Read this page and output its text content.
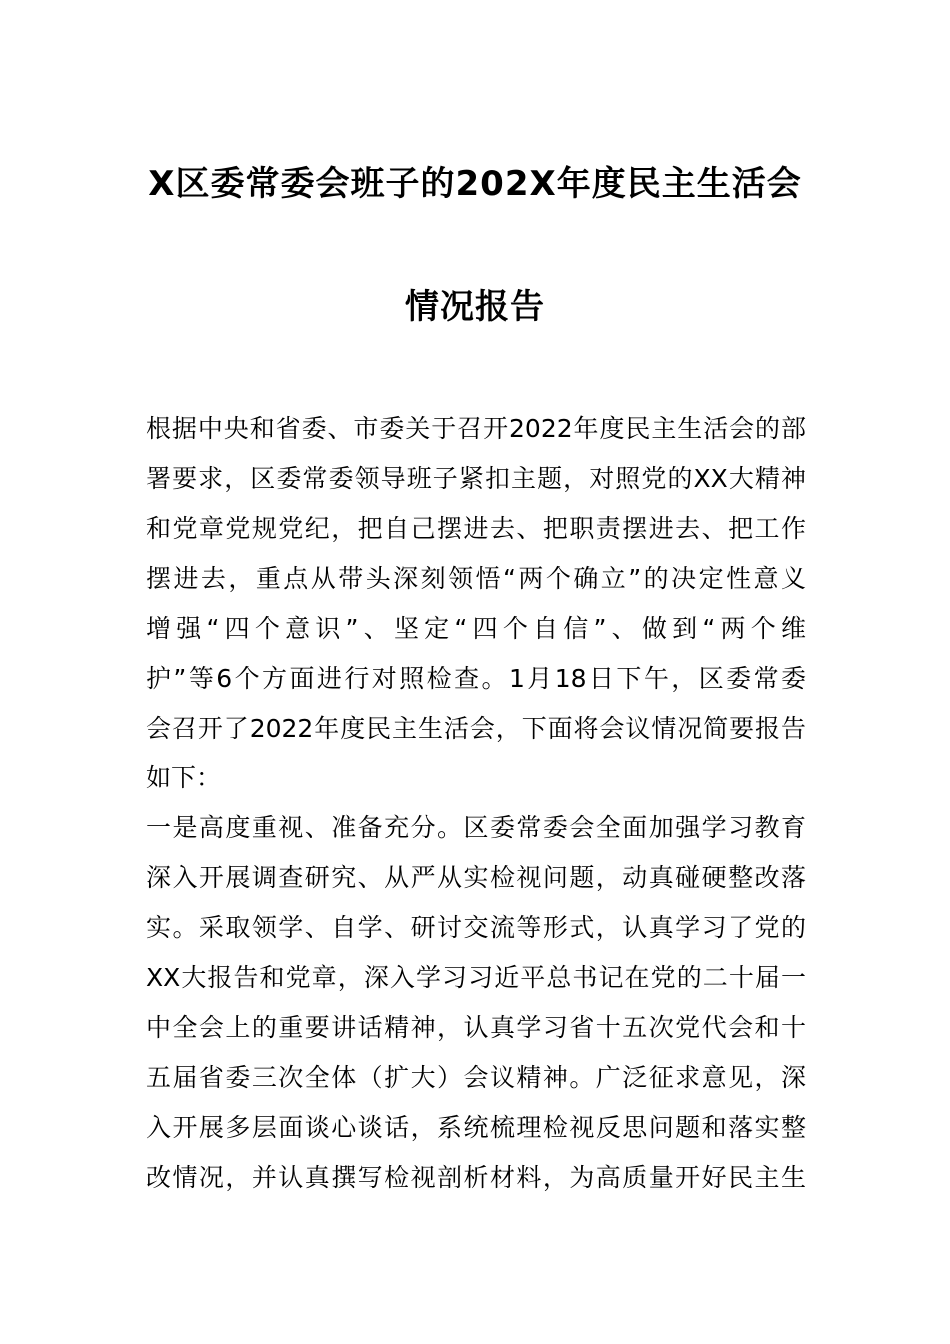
X区委常委会班子的202X年度民主生活会
情况报告
根据中央和省委、市委关于召开2022年度民主生活会的部
署要求，区委常委领导班子紧扣主题，对照党的XX大精神
和党章党规党纪，把自己摆进去、把职责摆进去、把工作
摆进去，重点从带头深刻领悟“两个确立”的决定性意义
增强“四个意识”、坚定“四个自信”、做到“两个维
护”等6个方面进行对照检查。1月18日下午，区委常委
会召开了2022年度民主生活会，下面将会议情况简要报告
如下：
一是高度重视、准备充分。区委常委会全面加强学习教育
深入开展调查研究、从严从实检视问题，动真碰硬整改落
实。采取领学、自学、研讨交流等形式，认真学习了党的
XX大报告和党章，深入学习习近平总书记在党的二十届一
中全会上的重要讲话精神，认真学习省十五次党代会和十
五届省委三次全体（扩大）会议精神。广泛征求意见，深
入开展多层面谈心谈话，系统梳理检视反思问题和落实整
改情况，并认真撰写检视剖析材料，为高质量开好民主生
